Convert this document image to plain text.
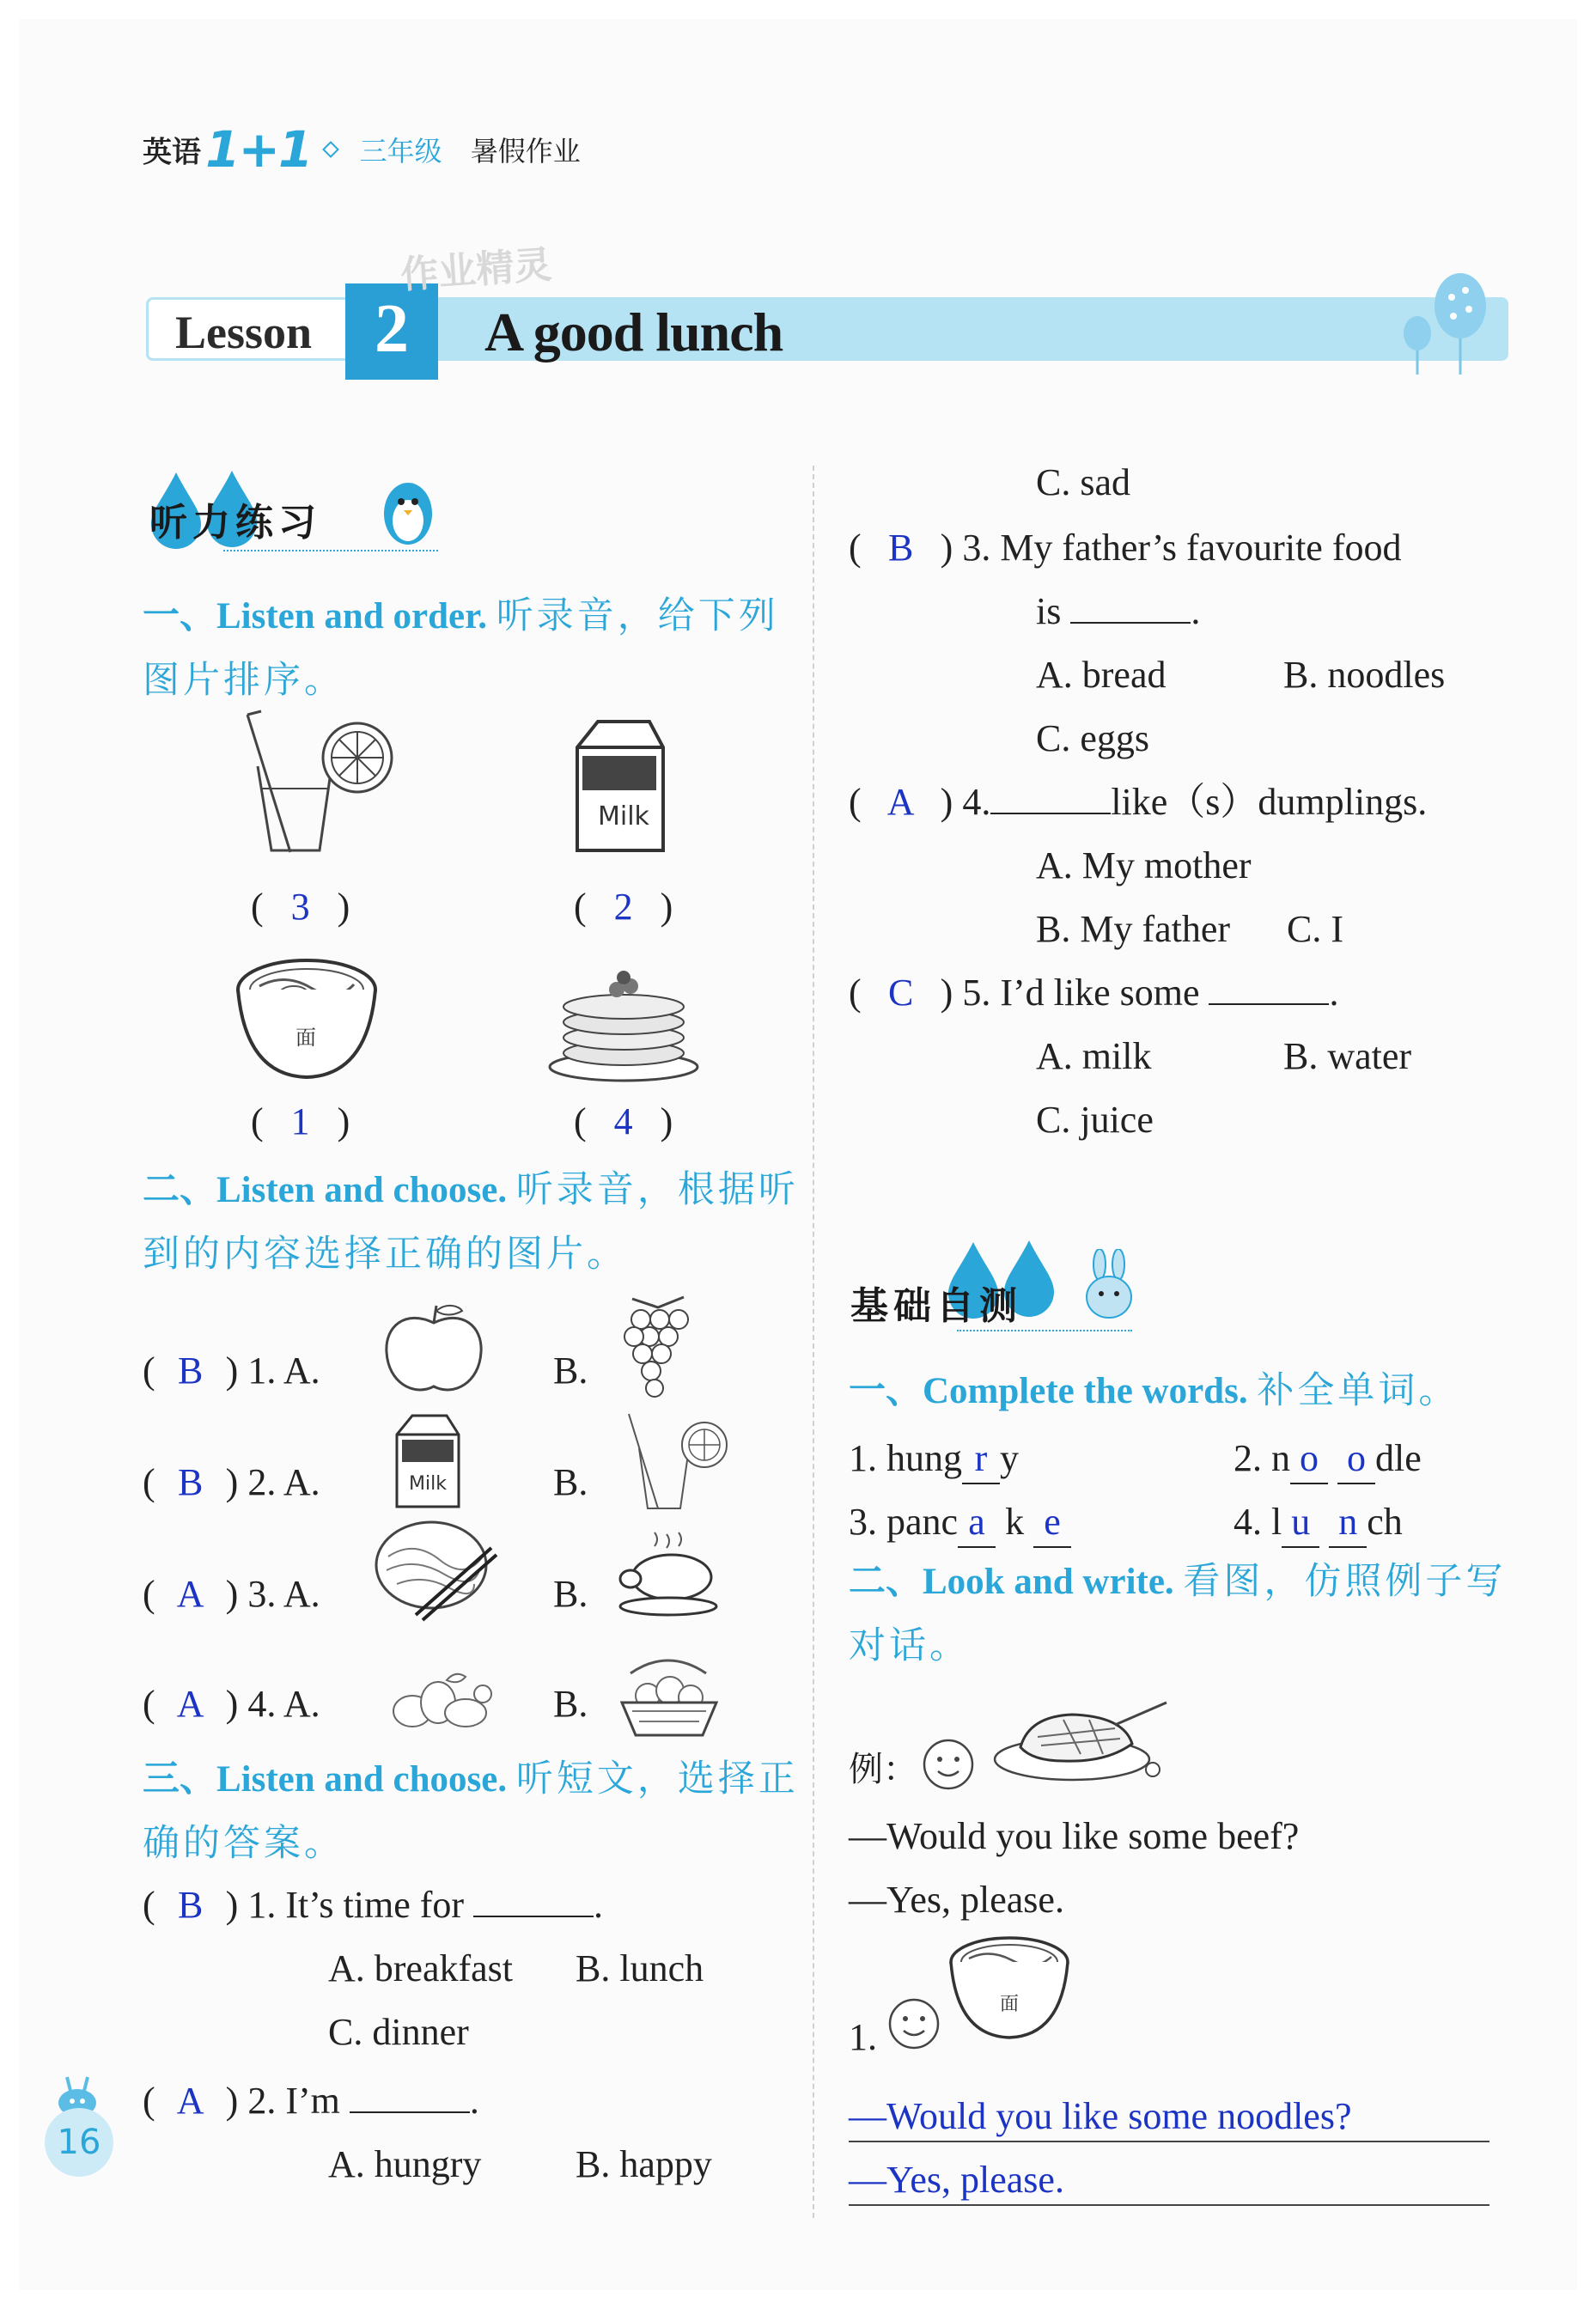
英语 1+1 三年级 暑假作业
Lesson 2	A good lunch
作业精灵
听力练习
一、Listen and order. 听录音，给下列图片排序。
Milk
( 3 )	( 2 )
面
( 1 )	( 4 )
二、Listen and choose. 听录音，根据听到的内容选择正确的图片。
( B ) 1. A.	B.
( B ) 2. A.	B.
Milk
( A ) 3. A.	B.
( A ) 4. A.	B.
三、Listen and choose. 听短文，选择正确的答案。
( B ) 1. It’s time for	.
A. breakfast B. lunch
C. dinner
( A ) 2. I’m	.
A. hungry B. happy
16
C. sad
( B ) 3. My father’s favourite food
is	.
A. bread	B. noodles
C. eggs
( A ) 4.	like（s）dumplings.
A. My mother
B. My father C. I
( C ) 5. I’d like some	.
A. milk	B. water
C. juice
基础自测
一、Complete the words. 补全单词。
1. hung r y	2. n o o dle
3. panc a k e	4. l u n ch
二、Look and write. 看图，仿照例子写对话。
例：
—Would you like some beef?
—Yes, please.
1.
面
—Would you like some noodles?
—Yes, please.
